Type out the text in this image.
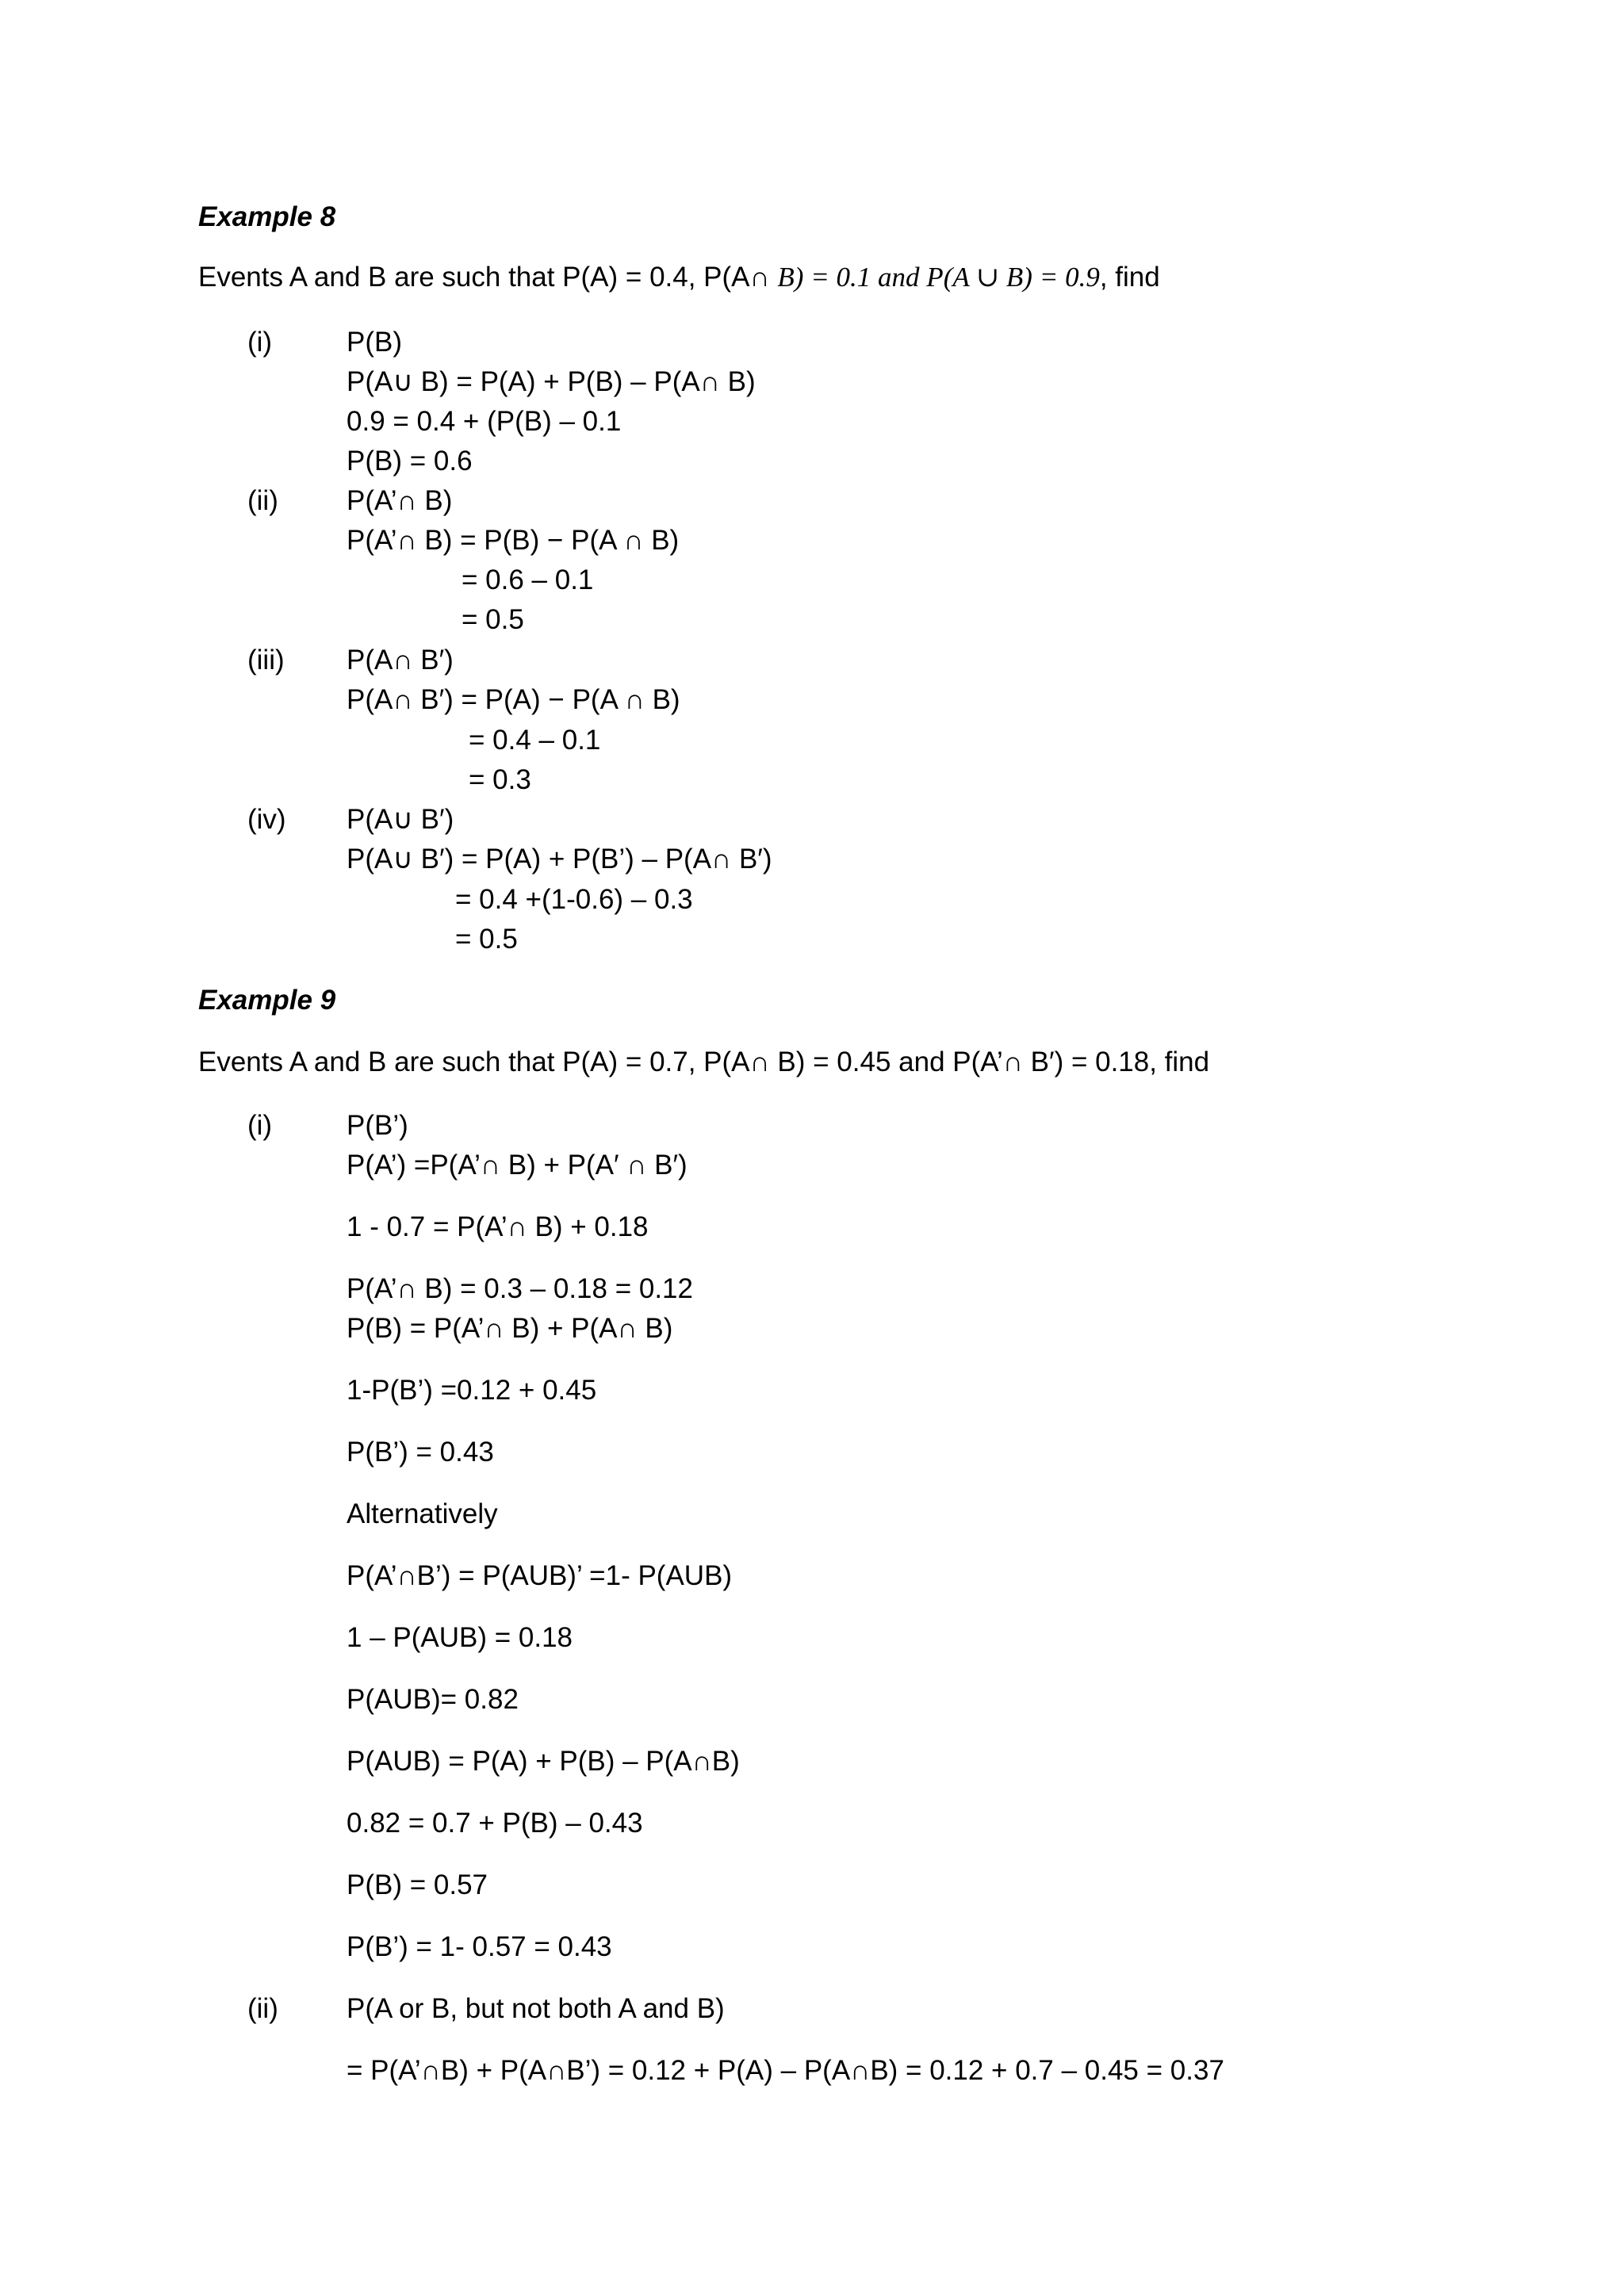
Example 8
Events A and B are such that P(A) = 0.4, P(A∩ B) = 0.1 and P(A ∪ B) = 0.9, find
(i)	P(B)
P(A∪ B) = P(A) + P(B) – P(A∩ B)
0.9 = 0.4 + (P(B) – 0.1
P(B) = 0.6
(ii) P(A’∩ B)
P(A’∩ B) = P(B) − P(A ∩ B)
= 0.6 – 0.1
= 0.5
(iii) P(A∩ B′)
P(A∩ B′) = P(A) − P(A ∩ B)
= 0.4 – 0.1
= 0.3
(iv) P(A∪ B′)
P(A∪ B′) = P(A) + P(B’) – P(A∩ B′)
= 0.4 +(1-0.6) – 0.3
= 0.5
Example 9
Events A and B are such that P(A) = 0.7, P(A∩ B) = 0.45 and P(A’∩ B′) = 0.18, find
(i)	P(B’)
P(A’) =P(A’∩ B) + P(A′ ∩ B′)
1 - 0.7 = P(A’∩ B) + 0.18
P(A’∩ B) = 0.3 – 0.18 = 0.12
P(B) = P(A’∩ B) + P(A∩ B)
1-P(B’) =0.12 + 0.45
P(B’) = 0.43
Alternatively
P(A’∩B’) = P(AUB)’ =1- P(AUB)
1 – P(AUB) = 0.18
P(AUB)= 0.82
P(AUB) = P(A) + P(B) – P(A∩B)
0.82 = 0.7 + P(B) – 0.43
P(B) = 0.57
P(B’) = 1- 0.57 = 0.43
(ii) P(A or B, but not both A and B)
= P(A’∩B) + P(A∩B’) = 0.12 + P(A) – P(A∩B) = 0.12 + 0.7 – 0.45 = 0.37
